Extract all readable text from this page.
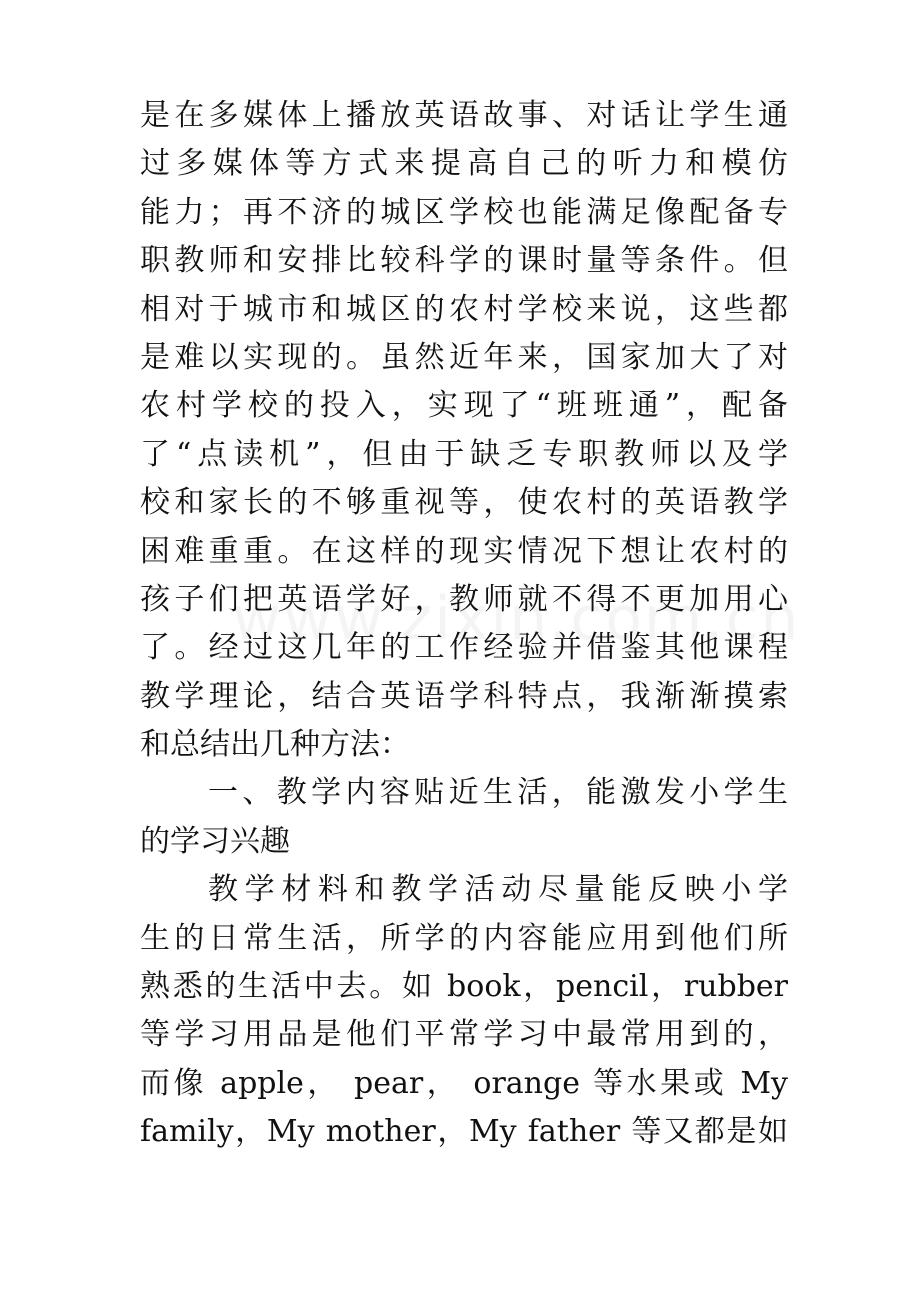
是在多媒体上播放英语故事、对话让学生通
过多媒体等方式来提高自己的听力和模仿
能力；再不济的城区学校也能满足像配备专
职教师和安排比较科学的课时量等条件。但
相对于城市和城区的农村学校来说，这些都
是难以实现的。虽然近年来，国家加大了对
农村学校的投入，实现了“班班通”，配备
了“点读机”，但由于缺乏专职教师以及学
校和家长的不够重视等，使农村的英语教学
困难重重。在这样的现实情况下想让农村的
孩子们把英语学好，教师就不得不更加用心
了。经过这几年的工作经验并借鉴其他课程
教学理论，结合英语学科特点，我渐渐摸索
和总结出几种方法：
一、教学内容贴近生活，能激发小学生
的学习兴趣
教学材料和教学活动尽量能反映小学
生的日常生活，所学的内容能应用到他们所
熟悉的生活中去。如 book，pencil，rubber
等学习用品是他们平常学习中最常用到的，
而像 apple， pear， orange 等水果或 My
family，My mother，My father 等又都是如
